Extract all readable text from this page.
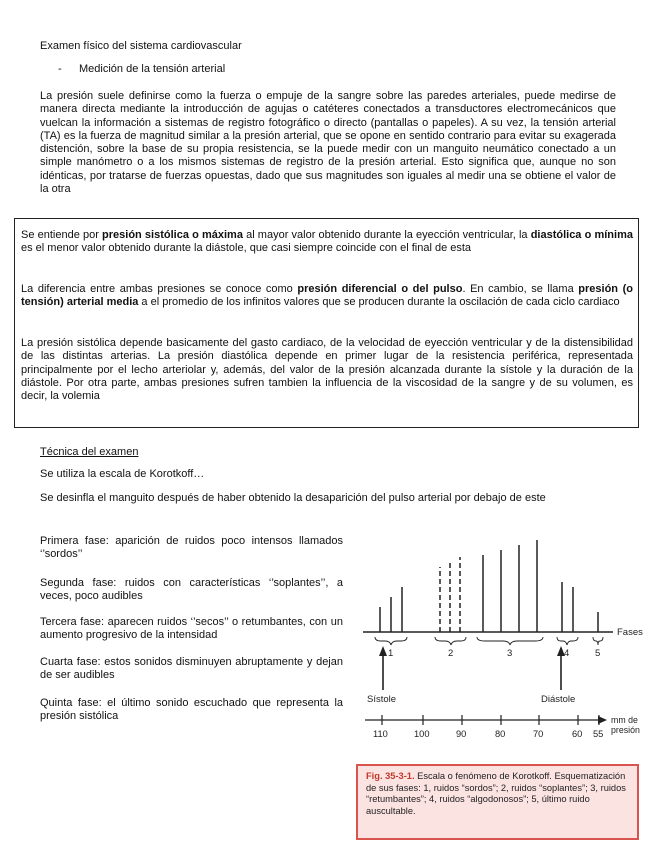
Examen físico del sistema cardiovascular

- Medición de la tensión arterial

La presión suele definirse como la fuerza o empuje de la sangre sobre las paredes arteriales, puede medirse de manera directa mediante la introducción de agujas o catéteres conectados a transductores electromecánicos que vuelcan la información a sistemas de registro fotográfico o directo (pantallas o papeles). A su vez, la tensión arterial (TA) es la fuerza de magnitud similar a la presión arterial, que se opone en sentido contrario para evitar su exagerada distención, sobre la base de su propia resistencia, se la puede medir con un manguito neumático conectado a un simple manómetro o a los mismos sistemas de registro de la presión arterial. Esto significa que, aunque no son idénticas, por tratarse de fuerzas opuestas, dado que sus magnitudes son iguales al medir una se obtiene el valor de la otra

Se entiende por presión sistólica o máxima al mayor valor obtenido durante la eyección ventricular, la diastólica o mínima es el menor valor obtenido durante la diástole, que casi siempre coincide con el final de esta

La diferencia entre ambas presiones se conoce como presión diferencial o del pulso. En cambio, se llama presión (o tensión) arterial media a el promedio de los infinitos valores que se producen durante la oscilación de cada ciclo cardiaco

La presión sistólica depende basicamente del gasto cardiaco, de la velocidad de eyección ventricular y de la distensibilidad de las distintas arterias. La presión diastólica depende en primer lugar de la resistencia periférica, representada principalmente por el lecho arteriolar y, además, del valor de la presión alcanzada durante la sístole y la duración de la diástole. Por otra parte, ambas presiones sufren tambien la influencia de la viscosidad de la sangre y de su volumen, es decir, la volemia

Técnica del examen

Se utiliza la escala de Korotkoff…

Se desinfla el manguito después de haber obtenido la desaparición del pulso arterial por debajo de este

Primera fase: aparición de ruidos poco intensos llamados ‘’sordos’’

Segunda fase: ruidos con características ‘’soplantes’’, a veces, poco audibles

Tercera fase: aparecen ruidos ‘’secos’’ o retumbantes, con un aumento progresivo de la intensidad

Cuarta fase: estos sonidos disminuyen abruptamente y dejan de ser audibles

Quinta fase: el último sonido escuchado que representa la presión sistólica

Fases
1	2	3	4	5
Sístole	Diástole
110	100	90	80	70	60 55
mm de
presión
Fig. 35-3-1. Escala o fenómeno de Korotkoff. Esquematización de sus fases: 1, ruidos “sordos”; 2, ruidos “soplantes”; 3, ruidos “retumbantes”; 4, ruidos “algodonosos”; 5, último ruido auscultable.
